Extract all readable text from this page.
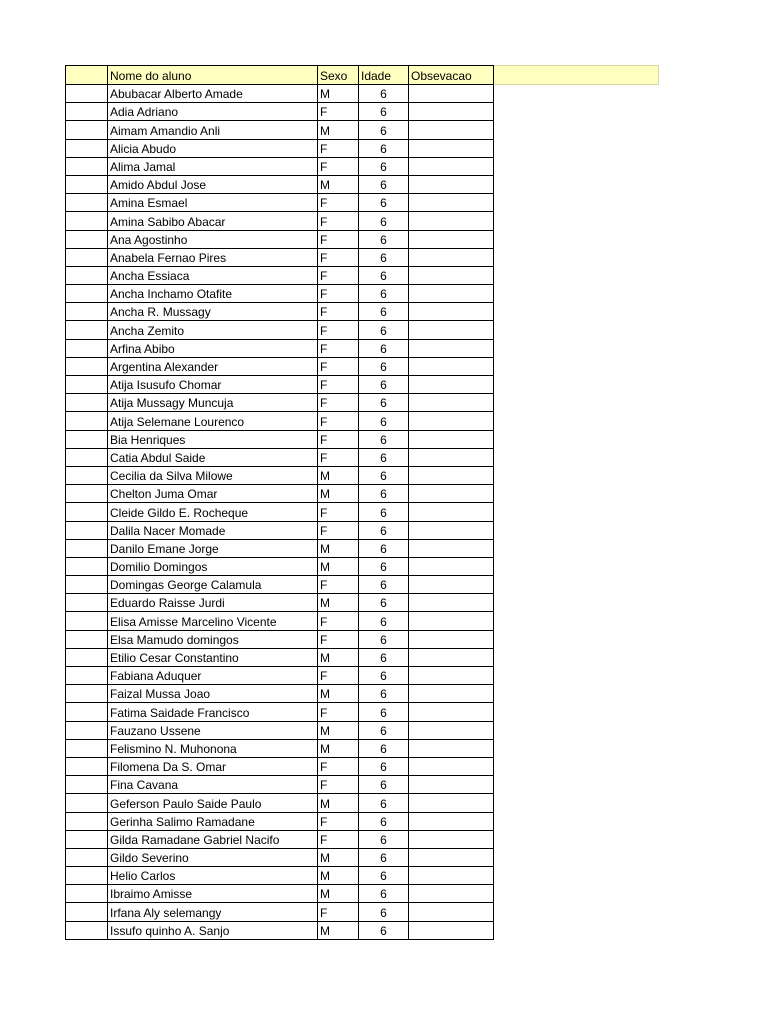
	Nome do aluno	Sexo	Idade	Obsevacao	
	Abubacar Alberto Amade	M	6		
	Adia Adriano	F	6		
	Aimam Amandio Anli	M	6		
	Alicia Abudo	F	6		
	Alima Jamal	F	6		
	Amido Abdul Jose	M	6		
	Amina Esmael	F	6		
	Amina Sabibo Abacar	F	6		
	Ana Agostinho	F	6		
	Anabela Fernao Pires	F	6		
	Ancha Essiaca	F	6		
	Ancha Inchamo Otafite	F	6		
	Ancha R. Mussagy	F	6		
	Ancha Zemito	F	6		
	Arfina Abibo	F	6		
	Argentina Alexander	F	6		
	Atija Isusufo Chomar	F	6		
	Atija Mussagy Muncuja	F	6		
	Atija Selemane Lourenco	F	6		
	Bia Henriques	F	6		
	Catia Abdul Saide	F	6		
	Cecilia da Silva Milowe	M	6		
	Chelton Juma Omar	M	6		
	Cleide Gildo E. Rocheque	F	6		
	Dalila Nacer Momade	F	6		
	Danilo Emane Jorge	M	6		
	Domilio Domingos	M	6		
	Domingas George Calamula	F	6		
	Eduardo Raisse Jurdi	M	6		
	Elisa Amisse Marcelino Vicente	F	6		
	Elsa Mamudo domingos	F	6		
	Etilio Cesar Constantino	M	6		
	Fabiana Aduquer	F	6		
	Faizal Mussa Joao	M	6		
	Fatima Saidade Francisco	F	6		
	Fauzano Ussene	M	6		
	Felismino N. Muhonona	M	6		
	Filomena Da S. Omar	F	6		
	Fina Cavana	F	6		
	Geferson Paulo Saide Paulo	M	6		
	Gerinha Salimo Ramadane	F	6		
	Gilda Ramadane Gabriel Nacifo	F	6		
	Gildo Severino	M	6		
	Helio Carlos	M	6		
	Ibraimo Amisse	M	6		
	Irfana Aly selemangy	F	6		
	Issufo quinho A. Sanjo	M	6		
